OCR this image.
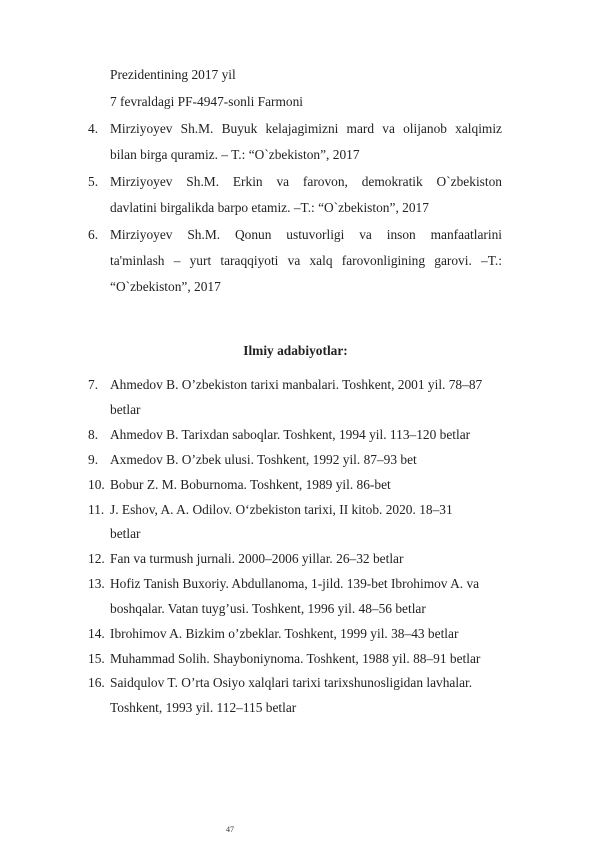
Prezidentining 2017 yil
7 fevraldagi PF-4947-sonli Farmoni
4. Mirziyoyev Sh.M. Buyuk kelajagimizni mard va olijanob xalqimiz
bilan birga quramiz. – T.: “O`zbekiston”, 2017
5. Mirziyoyev Sh.M. Erkin va farovon, demokratik O`zbekiston
davlatini birgalikda barpo etamiz. –T.: “O`zbekiston”, 2017
6. Mirziyoyev Sh.M. Qonun ustuvorligi va inson manfaatlarini
ta'minlash – yurt taraqqiyoti va xalq farovonligining garovi. –T.:
“O`zbekiston”, 2017
Ilmiy adabiyotlar:
7. Ahmedov B. O’zbekiston tarixi manbalari. Toshkent, 2001 yil. 78–87
betlar
8. Ahmedov B. Tarixdan saboqlar. Toshkent, 1994 yil. 113–120 betlar
9. Axmedov B. O’zbek ulusi. Toshkent, 1992 yil. 87–93 bet
10. Bobur Z. M. Boburnoma. Toshkent, 1989 yil. 86-bet
11. J. Eshov, A. A. Odilov. O‘zbekiston tarixi, II kitob. 2020. 18–31
betlar
12. Fan va turmush jurnali. 2000–2006 yillar. 26–32 betlar
13. Hofiz Tanish Buxoriy. Abdullanoma, 1-jild. 139-bet Ibrohimov A. va
boshqalar. Vatan tuyg’usi. Toshkent, 1996 yil. 48–56 betlar
14. Ibrohimov A. Bizkim o’zbeklar. Toshkent, 1999 yil. 38–43 betlar
15. Muhammad Solih. Shayboniynoma. Toshkent, 1988 yil. 88–91 betlar
16. Saidqulov T. O’rta Osiyo xalqlari tarixi tarixshunosligidan lavhalar.
Toshkent, 1993 yil. 112–115 betlar
47
